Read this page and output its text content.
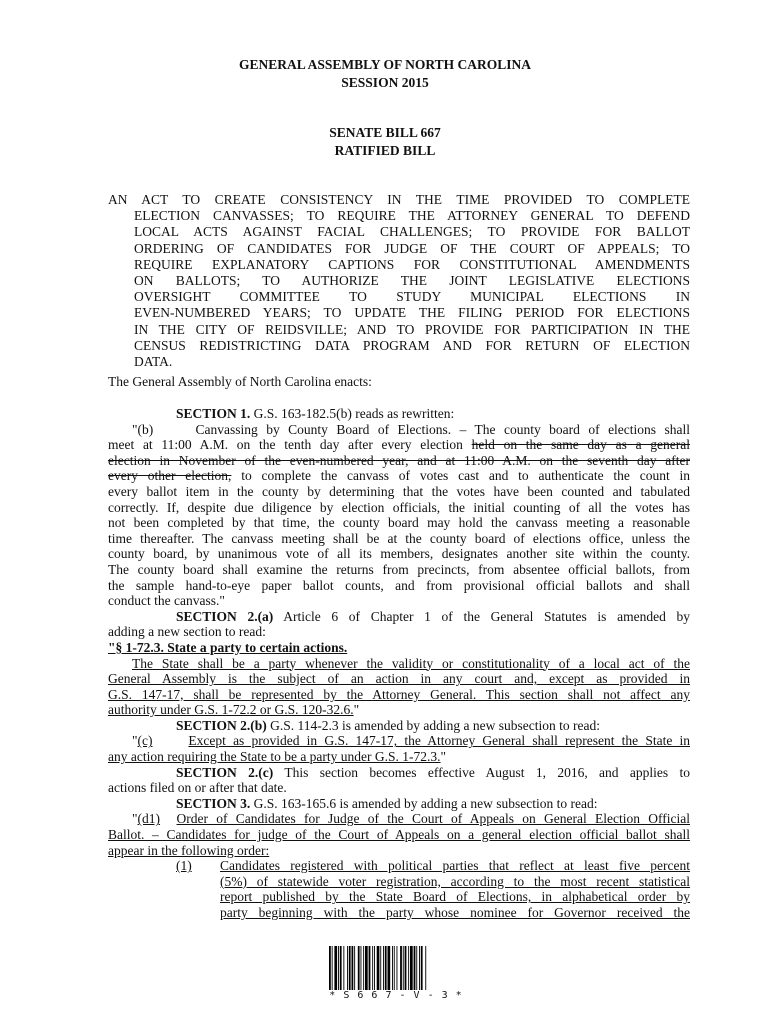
GENERAL ASSEMBLY OF NORTH CAROLINA
SESSION 2015
SENATE BILL 667
RATIFIED BILL
AN ACT TO CREATE CONSISTENCY IN THE TIME PROVIDED TO COMPLETE
ELECTION CANVASSES; TO REQUIRE THE ATTORNEY GENERAL TO DEFEND
LOCAL ACTS AGAINST FACIAL CHALLENGES; TO PROVIDE FOR BALLOT
ORDERING OF CANDIDATES FOR JUDGE OF THE COURT OF APPEALS; TO
REQUIRE EXPLANATORY CAPTIONS FOR CONSTITUTIONAL AMENDMENTS
ON BALLOTS; TO AUTHORIZE THE JOINT LEGISLATIVE ELECTIONS
OVERSIGHT COMMITTEE TO STUDY MUNICIPAL ELECTIONS IN
EVEN-NUMBERED YEARS; TO UPDATE THE FILING PERIOD FOR ELECTIONS
IN THE CITY OF REIDSVILLE; AND TO PROVIDE FOR PARTICIPATION IN THE
CENSUS REDISTRICTING DATA PROGRAM AND FOR RETURN OF ELECTION
DATA.
The General Assembly of North Carolina enacts:
SECTION 1. G.S. 163-182.5(b) reads as rewritten:
"(b)	Canvassing by County Board of Elections. – The county board of elections shall
meet at 11:00 A.M. on the tenth day after every election held on the same day as a general
election in November of the even-numbered year, and at 11:00 A.M. on the seventh day after
every other election, to complete the canvass of votes cast and to authenticate the count in
every ballot item in the county by determining that the votes have been counted and tabulated
correctly. If, despite due diligence by election officials, the initial counting of all the votes has
not been completed by that time, the county board may hold the canvass meeting a reasonable
time thereafter. The canvass meeting shall be at the county board of elections office, unless the
county board, by unanimous vote of all its members, designates another site within the county.
The county board shall examine the returns from precincts, from absentee official ballots, from
the sample hand-to-eye paper ballot counts, and from provisional official ballots and shall
conduct the canvass."
SECTION 2.(a) Article 6 of Chapter 1 of the General Statutes is amended by
adding a new section to read:
"§ 1-72.3. State a party to certain actions.
The State shall be a party whenever the validity or constitutionality of a local act of the
General Assembly is the subject of an action in any court and, except as provided in
G.S. 147-17, shall be represented by the Attorney General. This section shall not affect any
authority under G.S. 1-72.2 or G.S. 120-32.6."
SECTION 2.(b) G.S. 114-2.3 is amended by adding a new subsection to read:
"(c)	Except as provided in G.S. 147-17, the Attorney General shall represent the State in
any action requiring the State to be a party under G.S. 1-72.3."
SECTION 2.(c) This section becomes effective August 1, 2016, and applies to
actions filed on or after that date.
SECTION 3. G.S. 163-165.6 is amended by adding a new subsection to read:
"(d1) Order of Candidates for Judge of the Court of Appeals on General Election Official
Ballot. – Candidates for judge of the Court of Appeals on a general election official ballot shall
appear in the following order:
(1) Candidates registered with political parties that reflect at least five percent
(5%) of statewide voter registration, according to the most recent statistical
report published by the State Board of Elections, in alphabetical order by
party beginning with the party whose nominee for Governor received the
* S 6 6 7 - V - 3 *
